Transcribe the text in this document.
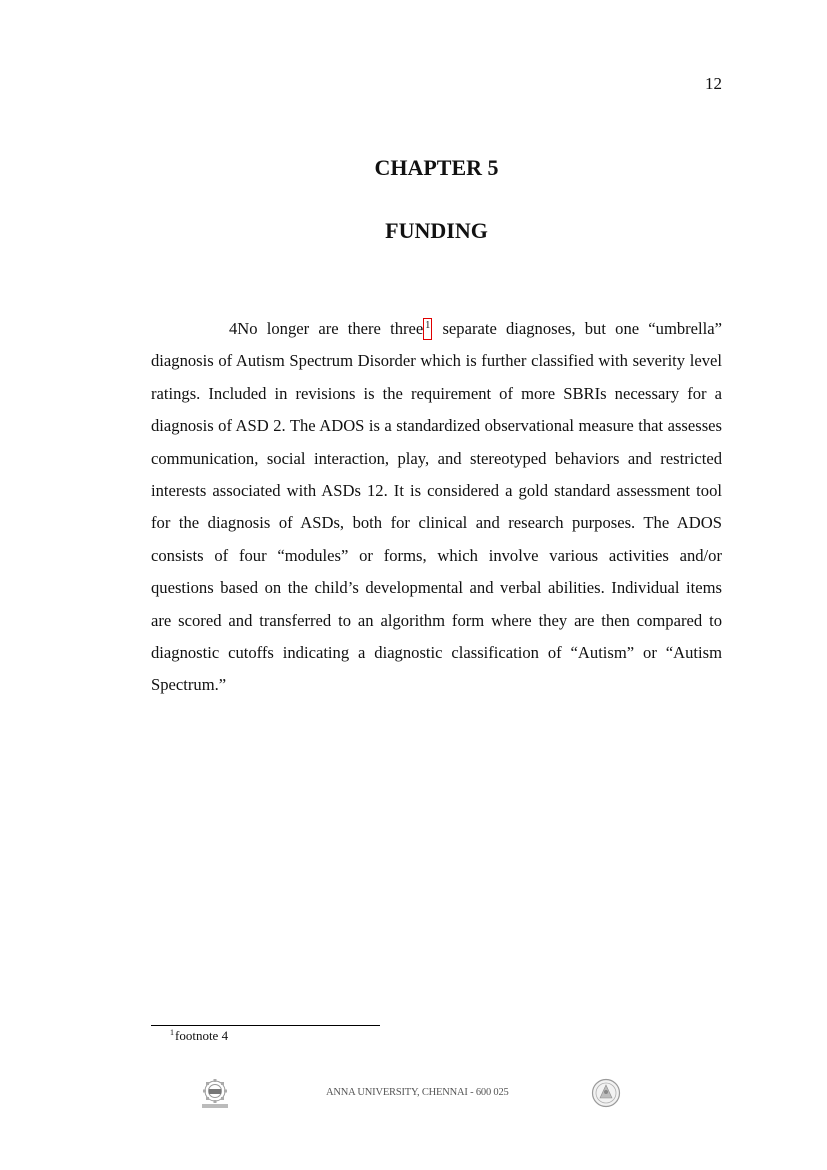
12
CHAPTER 5
FUNDING

4No longer are there three 1 separate diagnoses, but one “umbrella” diagnosis of Autism Spectrum Disorder which is further classified with severity level ratings. Included in revisions is the requirement of more SBRIs necessary for a diagnosis of ASD 2. The ADOS is a standardized observational measure that assesses communication, social interaction, play, and stereotyped behaviors and restricted interests associated with ASDs 12. It is considered a gold standard assessment tool for the diagnosis of ASDs, both for clinical and research purposes. The ADOS consists of four “modules” or forms, which involve various activities and/or questions based on the child’s developmental and verbal abilities. Individual items are scored and transferred to an algorithm form where they are then compared to diagnostic cutoffs indicating a diagnostic classification of “Autism” or “Autism Spectrum.”

$^1$footnote 4
ANNA UNIVERSITY, CHENNAI - 600 025
